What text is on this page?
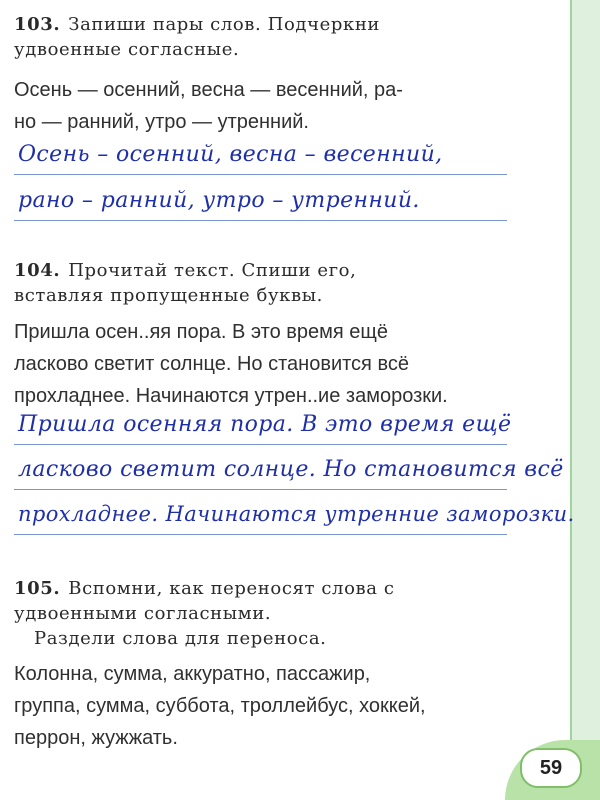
59
103. Запиши пары слов. Подчеркни
удвоенные согласные.
Осень — осенний, весна — весенний, ра-
но — ранний, утро — утренний.
Осень – осенний, весна – весенний,
рано – ранний, утро – утренний.
104. Прочитай текст. Спиши его,
вставляя пропущенные буквы.
Пришла осен..яя пора. В это время ещё
ласково светит солнце. Но становится всё
прохладнее. Начинаются утрен..ие заморозки.
Пришла осенняя пора. В это время ещё
ласково светит солнце. Но становится всё
прохладнее. Начинаются утренние заморозки.
105. Вспомни, как переносят слова с
удвоенными согласными.
Раздели слова для переноса.
Колонна, сумма, аккуратно, пассажир,
группа, сумма, суббота, троллейбус, хоккей,
перрон, жужжать.
